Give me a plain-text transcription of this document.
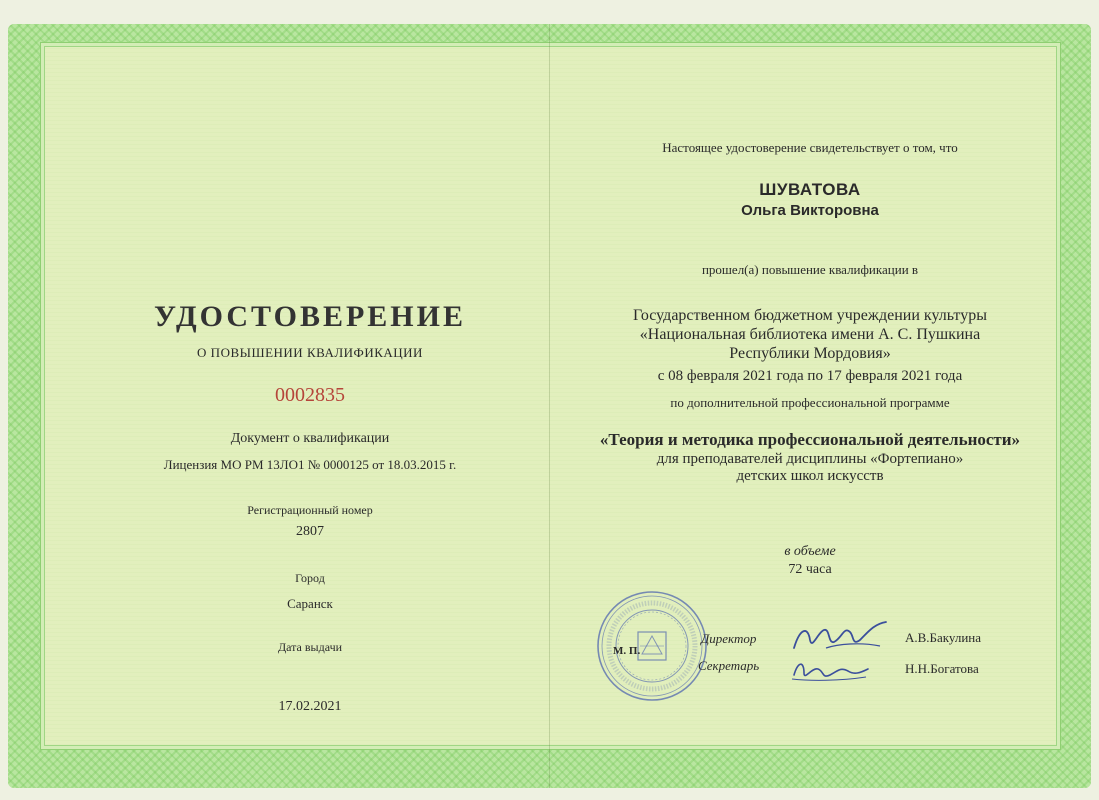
УДОСТОВЕРЕНИЕ
О ПОВЫШЕНИИ КВАЛИФИКАЦИИ
0002835
Документ о квалификации
Лицензия МО РМ 13ЛО1 № 0000125 от 18.03.2015 г.
Регистрационный номер
2807
Город
Саранск
Дата выдачи
17.02.2021
Настоящее удостоверение свидетельствует о том, что
ШУВАТОВА
Ольга Викторовна
прошел(а) повышение квалификации в
Государственном бюджетном учреждении культуры
«Национальная библиотека имени А. С. Пушкина
Республики Мордовия»
с 08 февраля 2021 года по 17 февраля 2021 года
по дополнительной профессиональной программе
«Теория и методика профессиональной деятельности»
для преподавателей дисциплины «Фортепиано»
детских школ искусств
в объеме
72 часа
М. П.
Директор
Секретарь
А.В.Бакулина
Н.Н.Богатова
